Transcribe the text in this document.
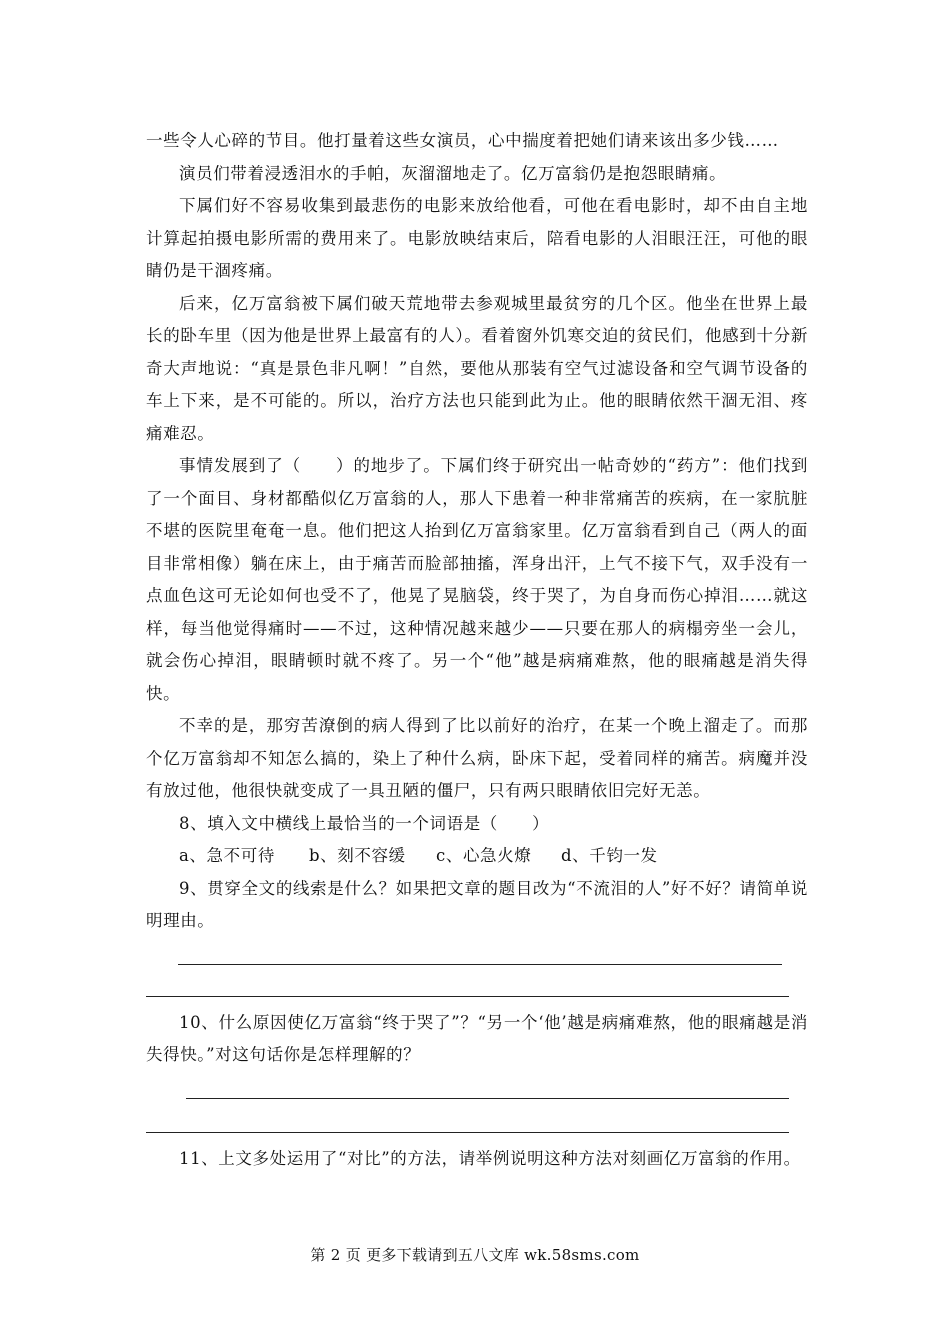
一些令人心碎的节目。他打量着这些女演员，心中揣度着把她们请来该出多少钱……

演员们带着浸透泪水的手帕，灰溜溜地走了。亿万富翁仍是抱怨眼睛痛。

下属们好不容易收集到最悲伤的电影来放给他看，可他在看电影时，却不由自主地计算起拍摄电影所需的费用来了。电影放映结束后，陪看电影的人泪眼汪汪，可他的眼睛仍是干涸疼痛。

后来，亿万富翁被下属们破天荒地带去参观城里最贫穷的几个区。他坐在世界上最长的卧车里（因为他是世界上最富有的人）。看着窗外饥寒交迫的贫民们，他感到十分新奇大声地说：“真是景色非凡啊！”自然，要他从那装有空气过滤设备和空气调节设备的车上下来，是不可能的。所以，治疗方法也只能到此为止。他的眼睛依然干涸无泪、疼痛难忍。

事情发展到了（　　）的地步了。下属们终于研究出一帖奇妙的“药方”：他们找到了一个面目、身材都酷似亿万富翁的人，那人下患着一种非常痛苦的疾病，在一家肮脏不堪的医院里奄奄一息。他们把这人抬到亿万富翁家里。亿万富翁看到自己（两人的面目非常相像）躺在床上，由于痛苦而脸部抽搐，浑身出汗，上气不接下气，双手没有一点血色这可无论如何也受不了，他晃了晃脑袋，终于哭了，为自身而伤心掉泪……就这样，每当他觉得痛时——不过，这种情况越来越少——只要在那人的病榻旁坐一会儿，就会伤心掉泪，眼睛顿时就不疼了。另一个“他”越是病痛难熬，他的眼痛越是消失得快。

不幸的是，那穷苦潦倒的病人得到了比以前好的治疗，在某一个晚上溜走了。而那个亿万富翁却不知怎么搞的，染上了种什么病，卧床下起，受着同样的痛苦。病魔并没有放过他，他很快就变成了一具丑陋的僵尸，只有两只眼睛依旧完好无恙。

8、填入文中横线上最恰当的一个词语是（　　）

a、急不可待 b、刻不容缓 c、心急火燎 d、千钧一发

9、贯穿全文的线索是什么？如果把文章的题目改为“不流泪的人”好不好？请简单说明理由。

10、什么原因使亿万富翁“终于哭了”？“另一个‘他’越是病痛难熬，他的眼痛越是消失得快。”对这句话你是怎样理解的？

11、上文多处运用了“对比”的方法，请举例说明这种方法对刻画亿万富翁的作用。

第 2 页 更多下载请到五八文库 wk.58sms.com
